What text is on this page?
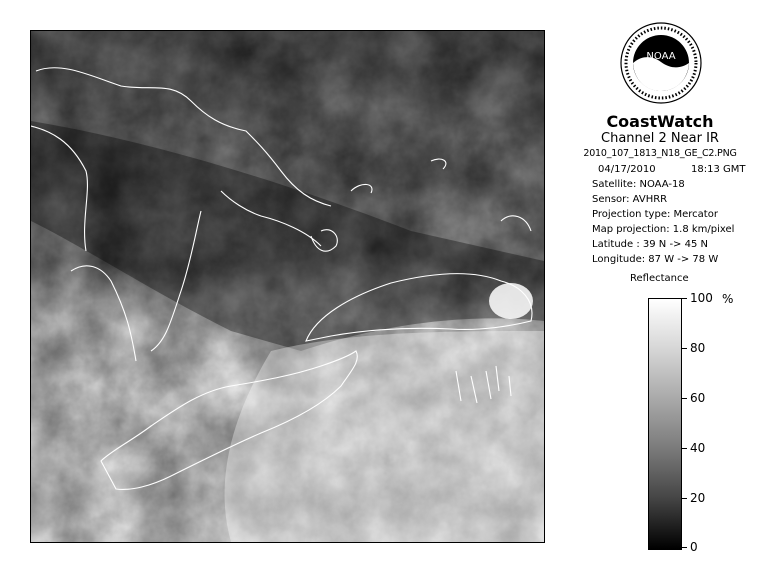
NOAA
CoastWatch
Channel 2 Near IR
2010_107_1813_N18_GE_C2.PNG
04/17/2010	18:13 GMT
Satellite: NOAA-18
Sensor: AVHRR
Projection type: Mercator
Map projection: 1.8 km/pixel
Latitude : 39 N -> 45 N
Longitude: 87 W -> 78 W
Reflectance
%
100
80
60
40
20
0
